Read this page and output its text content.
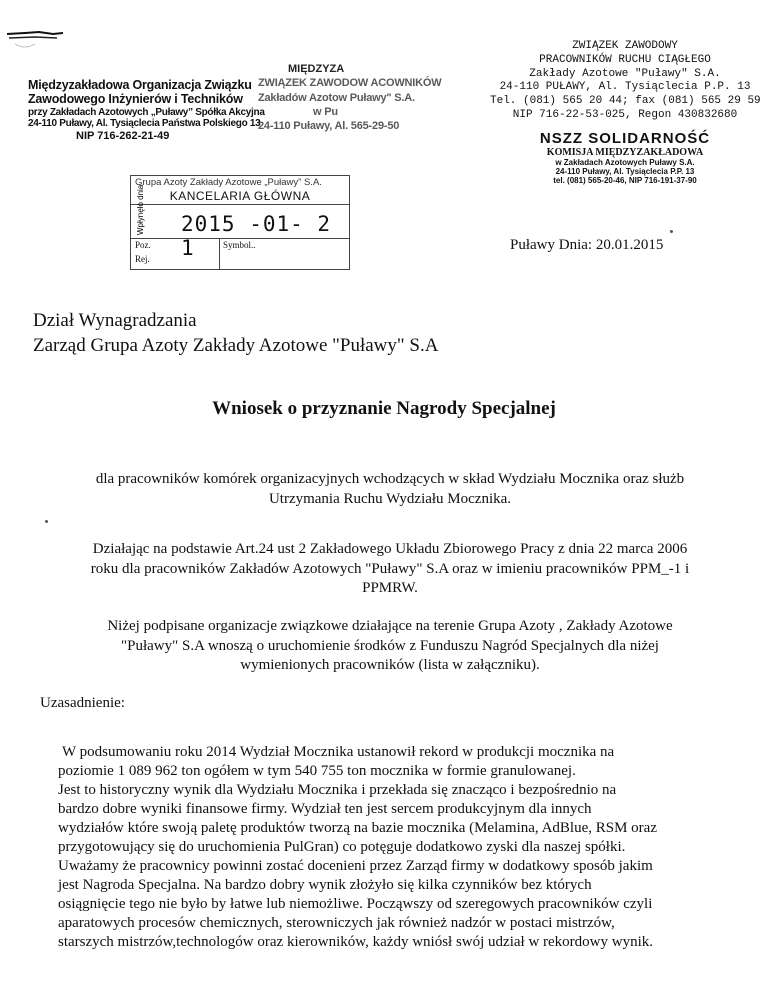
Międzyzakładowa Organizacja Związku
Zawodowego Inżynierów i Techników
przy Zakładach Azotowych „Puławy” Spółka Akcyjna
24-110 Puławy, Al. Tysiąclecia Państwa Polskiego 13
NIP 716-262-21-49
MIĘDZYZA
ZWIĄZEK ZAWODOW ACOWNIKÓW
Zakładów Azotow Puławy" S.A.
w Pu
24-110 Puławy, Al. 565-29-50
ZWIĄZEK ZAWODOWY
PRACOWNIKÓW RUCHU CIĄGŁEGO
Zakłady Azotowe "Puławy" S.A.
24-110 PUŁAWY, Al. Tysiąclecia P.P. 13
Tel. (081) 565 20 44; fax (081) 565 29 59
NIP 716-22-53-025, Regon 430832680
NSZZ SOLIDARNOŚĆ
KOMISJA MIĘDZYZAKŁADOWA
w Zakładach Azotowych Puławy S.A.
24-110 Puławy, Al. Tysiąclecia P.P. 13
tel. (081) 565-20-46, NIP 716-191-37-90
Grupa Azoty Zakłady Azotowe „Puławy” S.A.
KANCELARIA GŁÓWNA
Wpłynęło dnia 2015 -01- 2 1
Poz.
Rej.
Symbol..	Puławy Dnia: 20.01.2015
Dział Wynagradzania
Zarząd Grupa Azoty Zakłady Azotowe "Puławy" S.A
Wniosek o przyznanie Nagrody Specjalnej
dla pracowników komórek organizacyjnych wchodzących w skład Wydziału Mocznika oraz służb
Utrzymania Ruchu Wydziału Mocznika.
Działając na podstawie Art.24 ust 2 Zakładowego Układu Zbiorowego Pracy z dnia 22 marca 2006
roku dla pracowników Zakładów Azotowych "Puławy" S.A oraz w imieniu pracowników PPM_-1 i
PPMRW.
Niżej podpisane organizacje związkowe działające na terenie Grupa Azoty , Zakłady Azotowe
"Puławy" S.A wnoszą o uruchomienie środków z Funduszu Nagród Specjalnych dla niżej
wymienionych pracowników (lista w załączniku).
Uzasadnienie:
W podsumowaniu roku 2014 Wydział Mocznika ustanowił rekord w produkcji mocznika na
poziomie 1 089 962 ton ogółem w tym 540 755 ton mocznika w formie granulowanej.
Jest to historyczny wynik dla Wydziału Mocznika i przekłada się znacząco i bezpośrednio na
bardzo dobre wyniki finansowe firmy. Wydział ten jest sercem produkcyjnym dla innych
wydziałów które swoją paletę produktów tworzą na bazie mocznika (Melamina, AdBlue, RSM oraz
przygotowujący się do uruchomienia PulGran) co potęguje dodatkowo zyski dla naszej spółki.
Uważamy że pracownicy powinni zostać docenieni przez Zarząd firmy w dodatkowy sposób jakim
jest Nagroda Specjalna. Na bardzo dobry wynik złożyło się kilka czynników bez których
osiągnięcie tego nie było by łatwe lub niemożliwe. Począwszy od szeregowych pracowników czyli
aparatowych procesów chemicznych, sterowniczych jak również nadzór w postaci mistrzów,
starszych mistrzów,technologów oraz kierowników, każdy wniósł swój udział w rekordowy wynik.
